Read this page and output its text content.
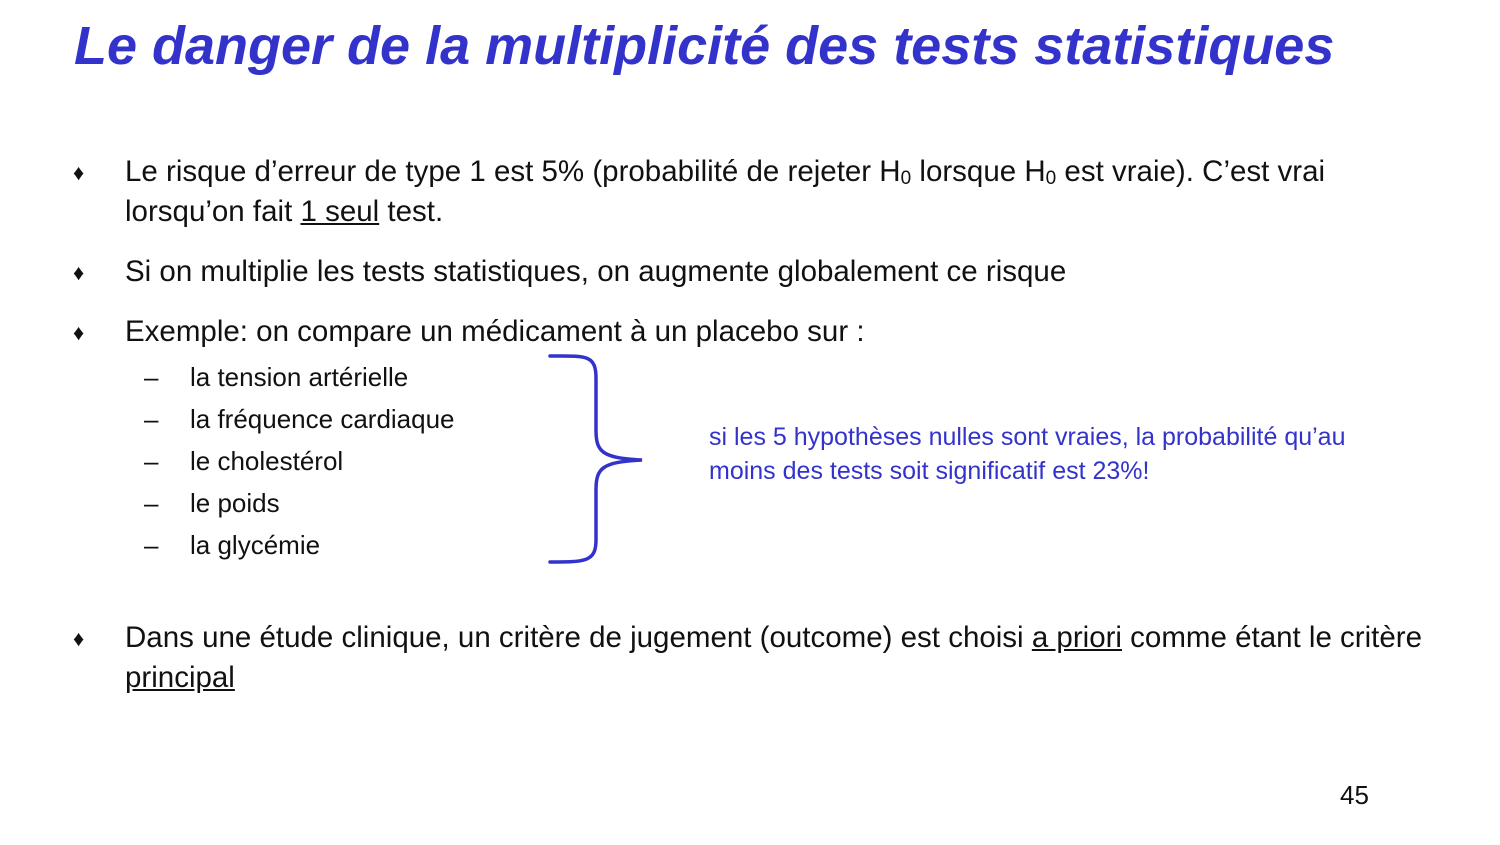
Le danger de la multiplicité des tests statistiques
♦ Le risque d’erreur de type 1 est 5% (probabilité de rejeter $H_0$ lorsque $H_0$ est vraie). C’est vrai lorsqu’on fait 1 seul test.
♦ Si on multiplie les tests statistiques, on augmente globalement ce risque
♦ Exemple: on compare un médicament à un placebo sur :
– la tension artérielle
– la fréquence cardiaque
– le cholestérol
– le poids
– la glycémie
si les 5 hypothèses nulles sont vraies, la probabilité qu’au moins des tests soit significatif est 23%!
♦ Dans une étude clinique, un critère de jugement (outcome) est choisi a priori comme étant le critère principal
45
